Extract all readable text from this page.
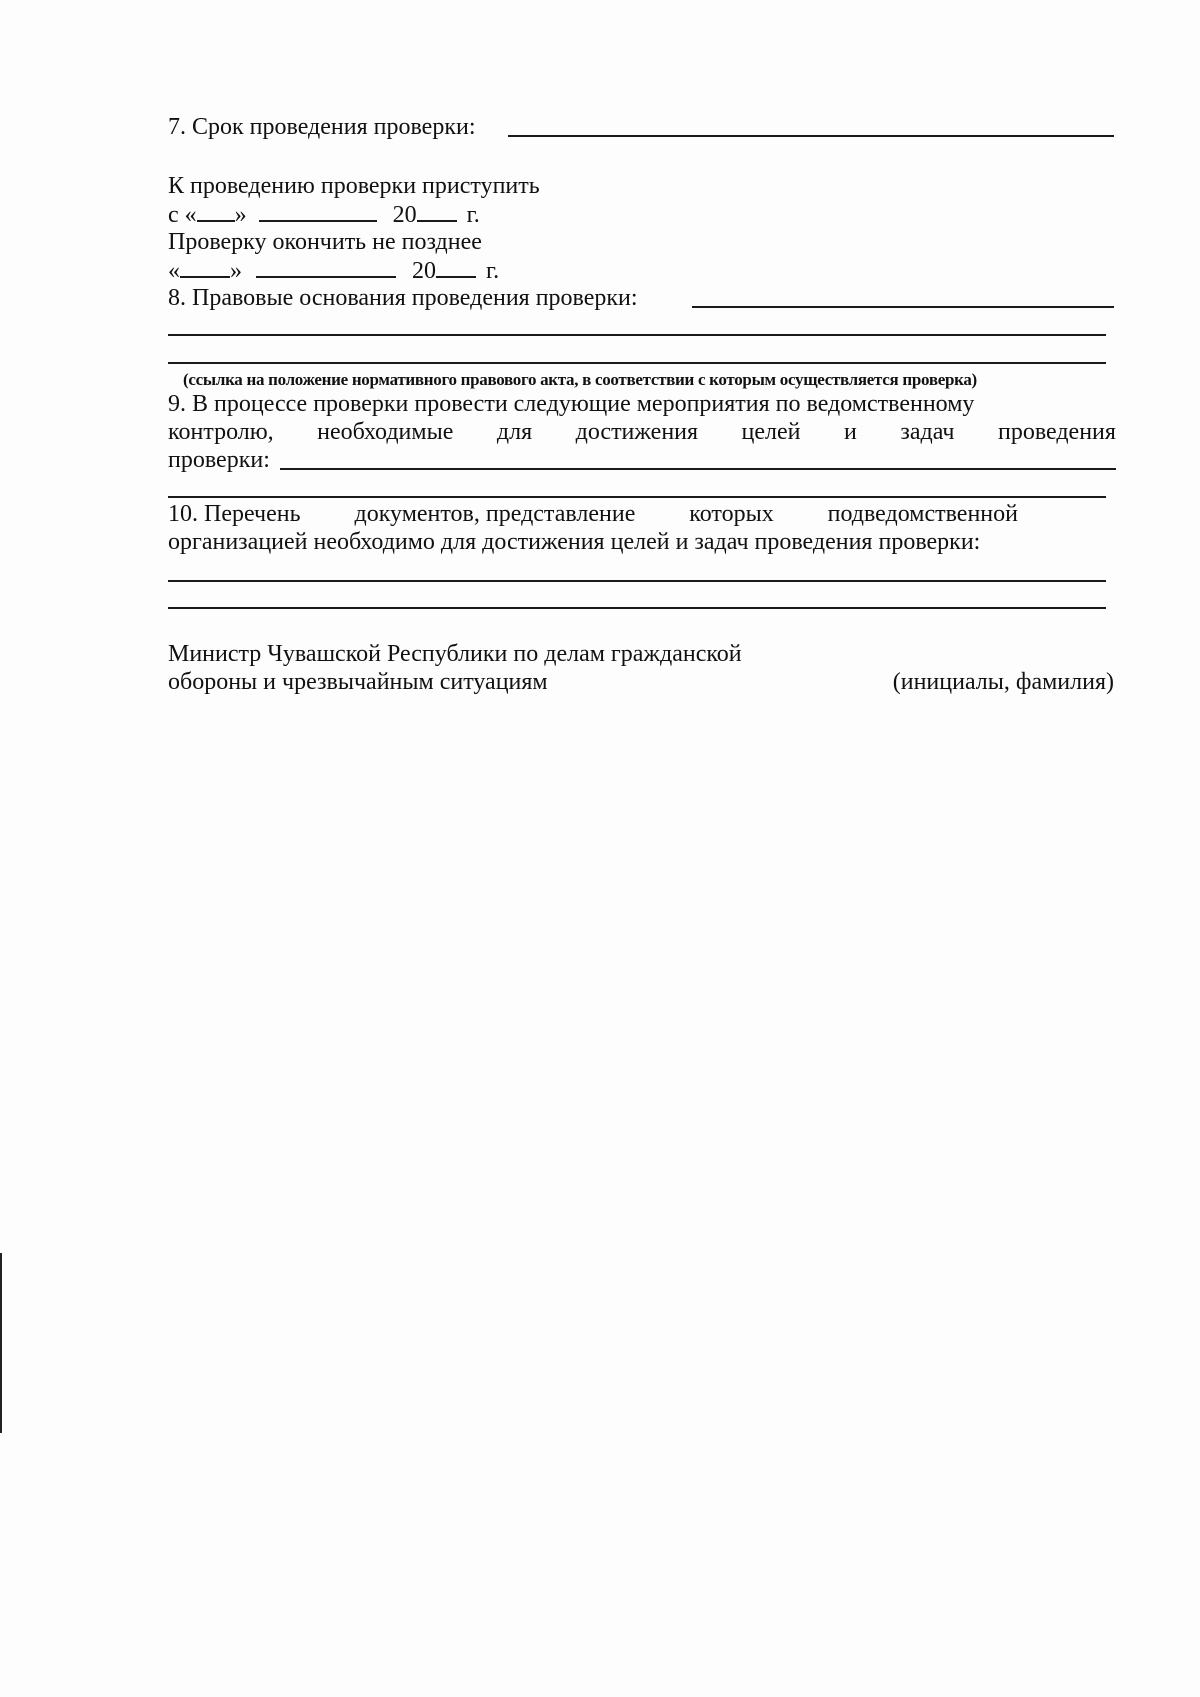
7. Срок проведения проверки:
К проведению проверки приступить
с « »	20 г.
Проверку окончить не позднее
« »	20 г.
8. Правовые основания проведения проверки:
(ссылка на положение нормативного правового акта, в соответствии с которым осуществляется проверка)
9. В процессе проверки провести следующие мероприятия по ведомственному
контролю, необходимые для достижения целей и задач проведения
проверки:
10. Перечень документов, представление которых подведомственной
организацией необходимо для достижения целей и задач проведения проверки:
Министр Чувашской Республики по делам гражданской
обороны и чрезвычайным ситуациям	(инициалы, фамилия)
